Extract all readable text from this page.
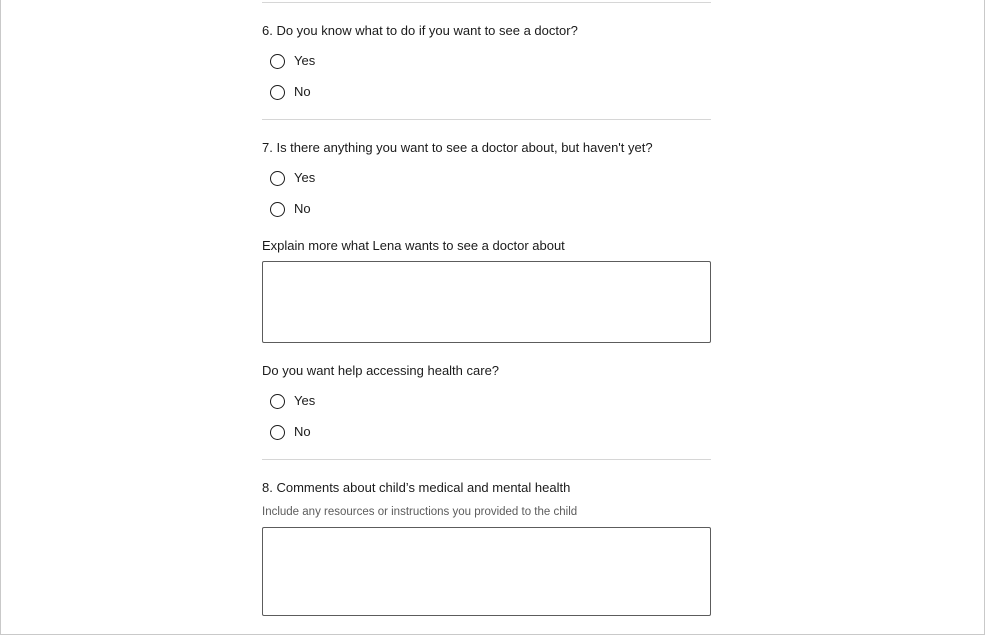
6. Do you know what to do if you want to see a doctor?
Yes
No
7. Is there anything you want to see a doctor about, but haven't yet?
Yes
No
Explain more what Lena wants to see a doctor about
Do you want help accessing health care?
Yes
No
8. Comments about child’s medical and mental health
Include any resources or instructions you provided to the child
